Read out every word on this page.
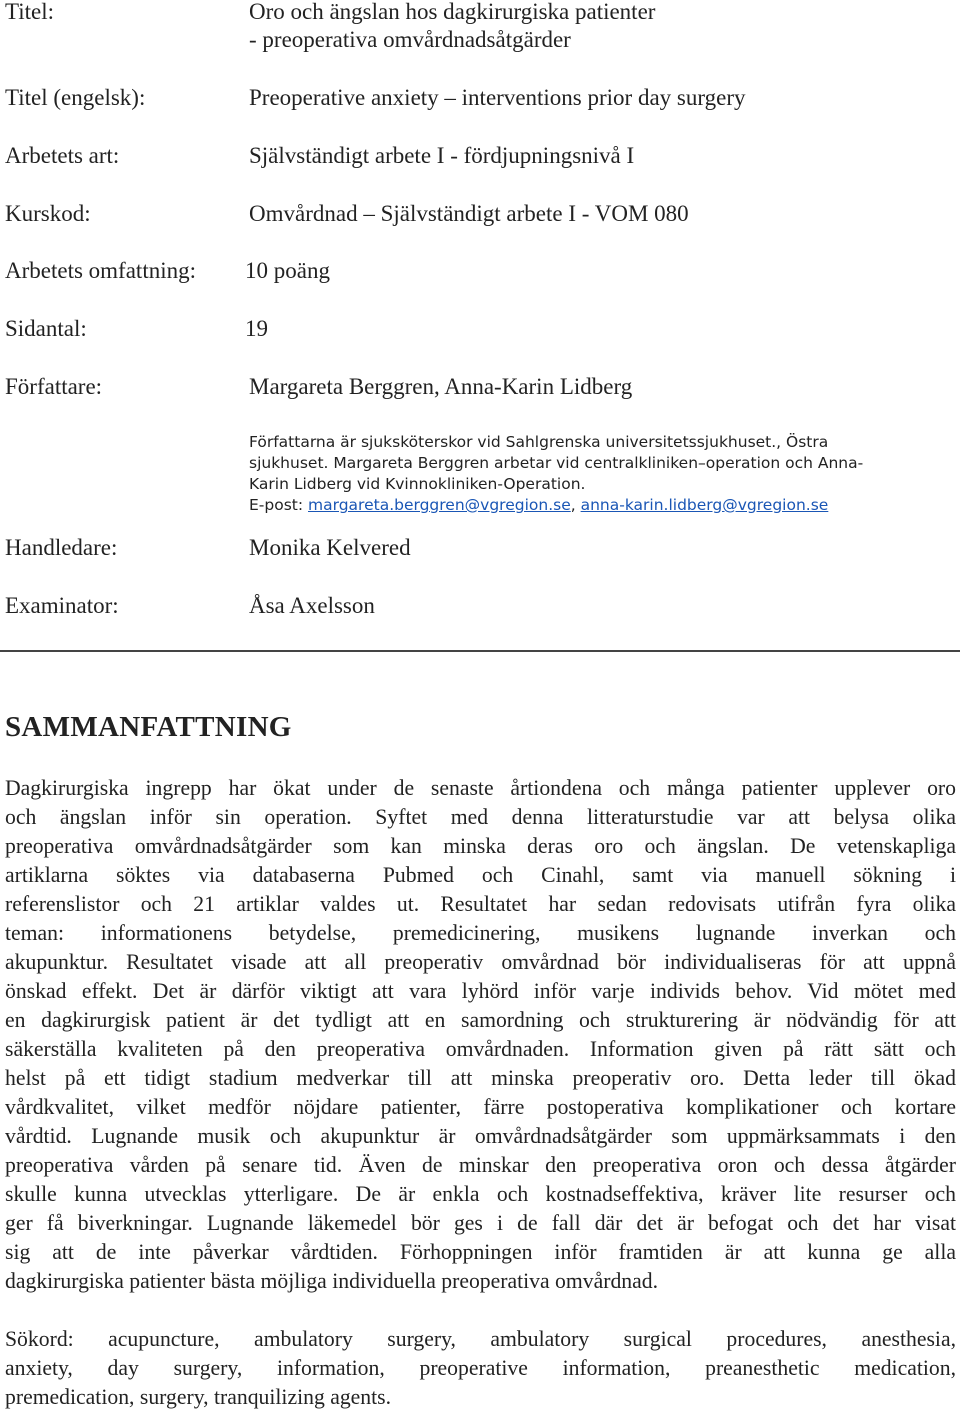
Titel:	Oro och ängslan hos dagkirurgiska patienter
- preoperativa omvårdnadsåtgärder
Titel (engelsk):	Preoperative anxiety – interventions prior day surgery
Arbetets art:	Självständigt arbete I - fördjupningsnivå I
Kurskod:	Omvårdnad – Självständigt arbete I - VOM 080
Arbetets omfattning: 10 poäng
Sidantal:	19
Författare:	Margareta Berggren, Anna-Karin Lidberg
Författarna är sjuksköterskor vid Sahlgrenska universitetssjukhuset., Östra
sjukhuset. Margareta Berggren arbetar vid centralkliniken–operation och Anna-
Karin Lidberg vid Kvinnokliniken-Operation.
E-post: margareta.berggren@vgregion.se, anna-karin.lidberg@vgregion.se
Handledare:	Monika Kelvered
Examinator:	Åsa Axelsson
SAMMANFATTNING
Dagkirurgiska ingrepp har ökat under de senaste årtiondena och många patienter upplever oro
och ängslan inför sin operation. Syftet med denna litteraturstudie var att belysa olika
preoperativa omvårdnadsåtgärder som kan minska deras oro och ängslan. De vetenskapliga
artiklarna söktes via databaserna Pubmed och Cinahl, samt via manuell sökning i
referenslistor och 21 artiklar valdes ut. Resultatet har sedan redovisats utifrån fyra olika
teman: informationens betydelse, premedicinering, musikens lugnande inverkan och
akupunktur. Resultatet visade att all preoperativ omvårdnad bör individualiseras för att uppnå
önskad effekt. Det är därför viktigt att vara lyhörd inför varje individs behov. Vid mötet med
en dagkirurgisk patient är det tydligt att en samordning och strukturering är nödvändig för att
säkerställa kvaliteten på den preoperativa omvårdnaden. Information given på rätt sätt och
helst på ett tidigt stadium medverkar till att minska preoperativ oro. Detta leder till ökad
vårdkvalitet, vilket medför nöjdare patienter, färre postoperativa komplikationer och kortare
vårdtid. Lugnande musik och akupunktur är omvårdnadsåtgärder som uppmärksammats i den
preoperativa vården på senare tid. Även de minskar den preoperativa oron och dessa åtgärder
skulle kunna utvecklas ytterligare. De är enkla och kostnadseffektiva, kräver lite resurser och
ger få biverkningar. Lugnande läkemedel bör ges i de fall där det är befogat och det har visat
sig att de inte påverkar vårdtiden. Förhoppningen inför framtiden är att kunna ge alla
dagkirurgiska patienter bästa möjliga individuella preoperativa omvårdnad.
Sökord: acupuncture, ambulatory surgery, ambulatory surgical procedures, anesthesia,
anxiety, day surgery, information, preoperative information, preanesthetic medication,
premedication, surgery, tranquilizing agents.
